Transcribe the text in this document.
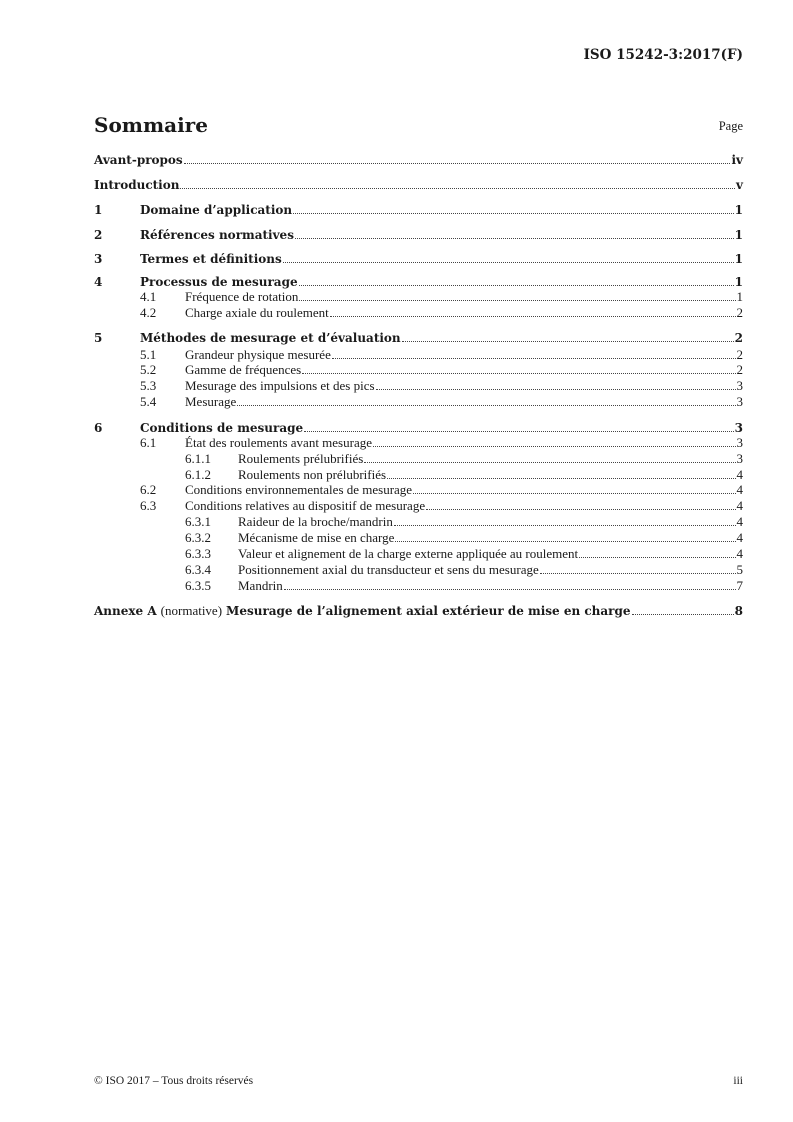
ISO 15242-3:2017(F)
Sommaire	Page
Avant-propos	iv
Introduction	v
1	Domaine d’application	1
2	Références normatives	1
3	Termes et définitions	1
4	Processus de mesurage	1
4.1	Fréquence de rotation	1
4.2	Charge axiale du roulement	2
5	Méthodes de mesurage et d’évaluation	2
5.1	Grandeur physique mesurée	2
5.2	Gamme de fréquences	2
5.3	Mesurage des impulsions et des pics	3
5.4	Mesurage	3
6	Conditions de mesurage	3
6.1	État des roulements avant mesurage	3
6.1.1	Roulements prélubrifiés	3
6.1.2	Roulements non prélubrifiés	4
6.2	Conditions environnementales de mesurage	4
6.3	Conditions relatives au dispositif de mesurage	4
6.3.1	Raideur de la broche/mandrin	4
6.3.2	Mécanisme de mise en charge	4
6.3.3	Valeur et alignement de la charge externe appliquée au roulement	4
6.3.4	Positionnement axial du transducteur et sens du mesurage	5
6.3.5	Mandrin	7
Annexe A (normative) Mesurage de l’alignement axial extérieur de mise en charge	8
© ISO 2017 – Tous droits réservés	iii
